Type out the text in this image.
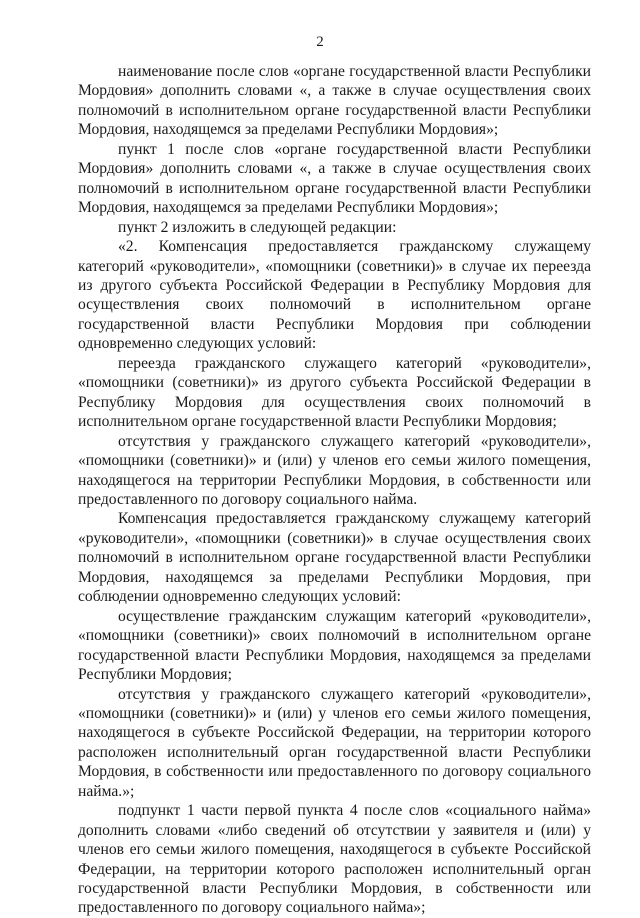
2

наименование после слов «органе государственной власти Республики Мордовия» дополнить словами «, а также в случае осуществления своих полномочий в исполнительном органе государственной власти Республики Мордовия, находящемся за пределами Республики Мордовия»;

пункт 1 после слов «органе государственной власти Республики Мордовия» дополнить словами «, а также в случае осуществления своих полномочий в исполнительном органе государственной власти Республики Мордовия, находящемся за пределами Республики Мордовия»;

пункт 2 изложить в следующей редакции:

«2. Компенсация предоставляется гражданскому служащему категорий «руководители», «помощники (советники)» в случае их переезда из другого субъекта Российской Федерации в Республику Мордовия для осуществления своих полномочий в исполнительном органе государственной власти Республики Мордовия при соблюдении одновременно следующих условий:

переезда гражданского служащего категорий «руководители», «помощники (советники)» из другого субъекта Российской Федерации в Республику Мордовия для осуществления своих полномочий в исполнительном органе государственной власти Республики Мордовия;

отсутствия у гражданского служащего категорий «руководители», «помощники (советники)» и (или) у членов его семьи жилого помещения, находящегося на территории Республики Мордовия, в собственности или предоставленного по договору социального найма.

Компенсация предоставляется гражданскому служащему категорий «руководители», «помощники (советники)» в случае осуществления своих полномочий в исполнительном органе государственной власти Республики Мордовия, находящемся за пределами Республики Мордовия, при соблюдении одновременно следующих условий:

осуществление гражданским служащим категорий «руководители», «помощники (советники)» своих полномочий в исполнительном органе государственной власти Республики Мордовия, находящемся за пределами Республики Мордовия;

отсутствия у гражданского служащего категорий «руководители», «помощники (советники)» и (или) у членов его семьи жилого помещения, находящегося в субъекте Российской Федерации, на территории которого расположен исполнительный орган государственной власти Республики Мордовия, в собственности или предоставленного по договору социального найма.»;

подпункт 1 части первой пункта 4 после слов «социального найма» дополнить словами «либо сведений об отсутствии у заявителя и (или) у членов его семьи жилого помещения, находящегося в субъекте Российской Федерации, на территории которого расположен исполнительный орган государственной власти Республики Мордовия, в собственности или предоставленного по договору социального найма»;
